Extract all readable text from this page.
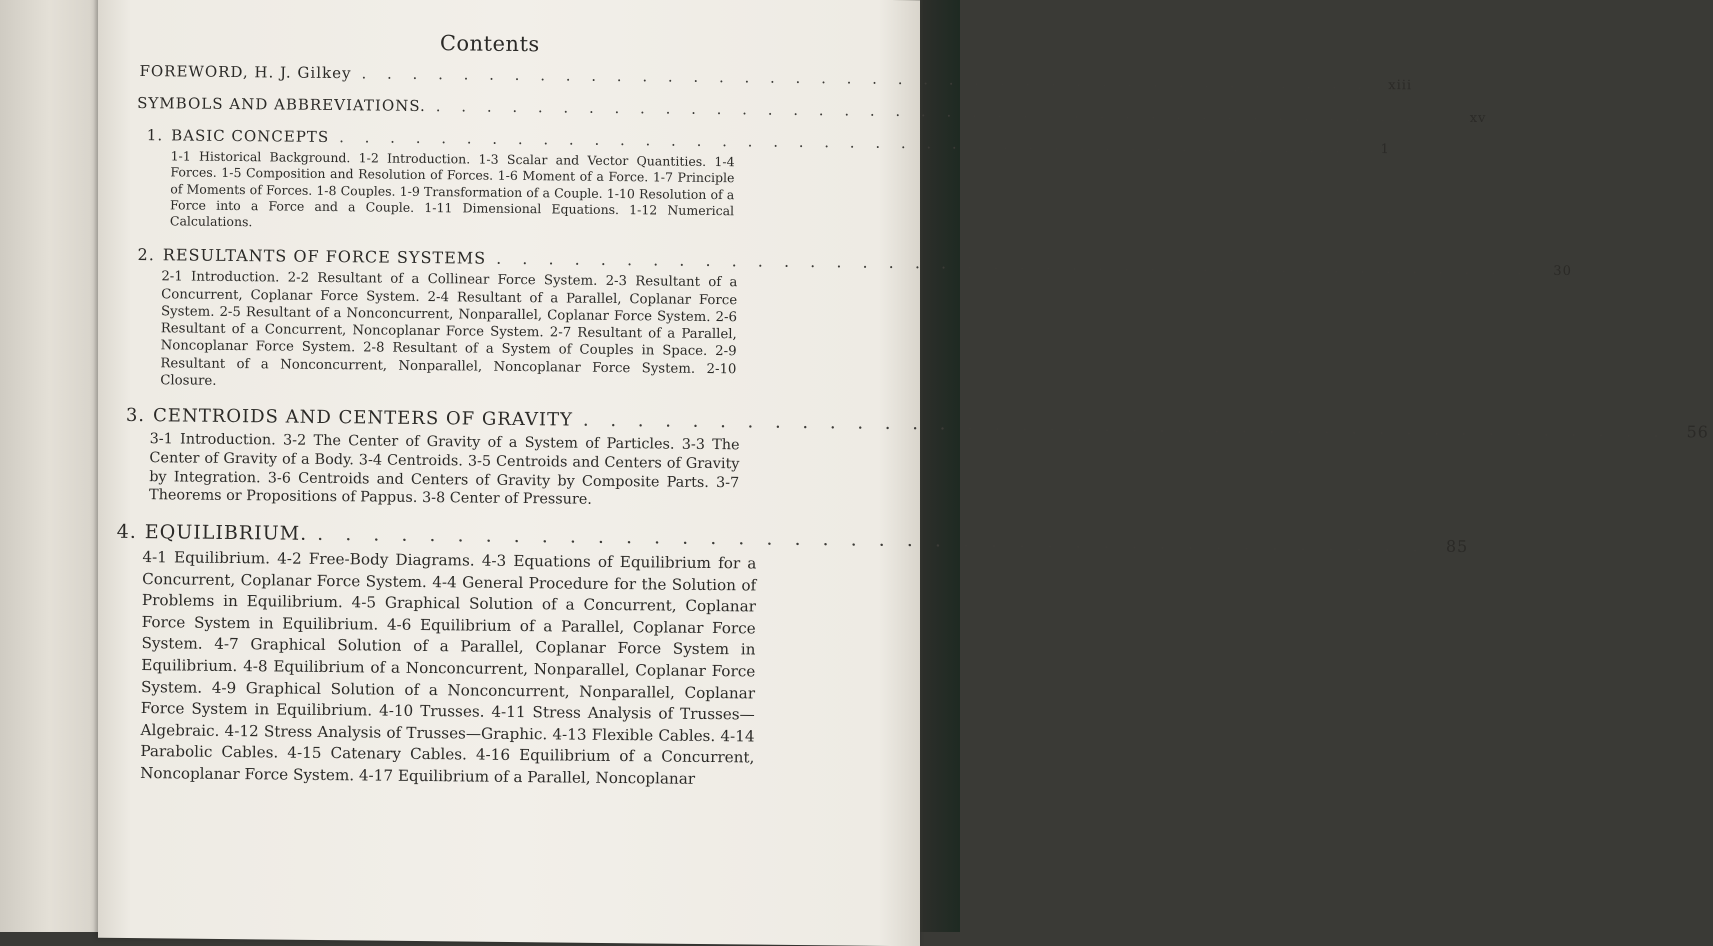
Contents
FOREWORD, H. J. Gilkey . . . . . . . . . . . . . . . . . . . . . . . . . . . . . . . . . . . . . . . .	xiii
SYMBOLS AND ABBREVIATIONS. . . . . . . . . . . . . . . . . . . . . . . . . . . . . . . . . . . . . . . . .	xv
1. BASIC CONCEPTS . . . . . . . . . . . . . . . . . . . . . . . . . . . . . . . . . . . . . . . .	1
1-1 Historical Background. 1-2 Introduction. 1-3 Scalar and Vector Quantities. 1-4 Forces. 1-5 Composition and Resolution of Forces. 1-6 Moment of a Force. 1-7 Principle of Moments of Forces. 1-8 Couples. 1-9 Transformation of a Couple. 1-10 Resolution of a Force into a Force and a Couple. 1-11 Dimensional Equations. 1-12 Numerical Calculations.
2. RESULTANTS OF FORCE SYSTEMS . . . . . . . . . . . . . . . . . . . . . . . . . . . . . . . . . . . . . . . .	30
2-1 Introduction. 2-2 Resultant of a Collinear Force System. 2-3 Resultant of a Concurrent, Coplanar Force System. 2-4 Resultant of a Parallel, Coplanar Force System. 2-5 Resultant of a Nonconcurrent, Nonparallel, Coplanar Force System. 2-6 Resultant of a Concurrent, Noncoplanar Force System. 2-7 Resultant of a Parallel, Noncoplanar Force System. 2-8 Resultant of a System of Couples in Space. 2-9 Resultant of a Nonconcurrent, Nonparallel, Noncoplanar Force System. 2-10 Closure.
3. CENTROIDS AND CENTERS OF GRAVITY . . . . . . . . . . . . . . . . . . . . . . . . . . . . . . . . . . . . . . . .	56
3-1 Introduction. 3-2 The Center of Gravity of a System of Particles. 3-3 The Center of Gravity of a Body. 3-4 Centroids. 3-5 Centroids and Centers of Gravity by Integration. 3-6 Centroids and Centers of Gravity by Composite Parts. 3-7 Theorems or Propositions of Pappus. 3-8 Center of Pressure.
4. EQUILIBRIUM. . . . . . . . . . . . . . . . . . . . . . . . . . . . . . . . . . . . . . . . .	85
4-1 Equilibrium. 4-2 Free-Body Diagrams. 4-3 Equations of Equilibrium for a Concurrent, Coplanar Force System. 4-4 General Procedure for the Solution of Problems in Equilibrium. 4-5 Graphical Solution of a Concurrent, Coplanar Force System in Equilibrium. 4-6 Equilibrium of a Parallel, Coplanar Force System. 4-7 Graphical Solution of a Parallel, Coplanar Force System in Equilibrium. 4-8 Equilibrium of a Nonconcurrent, Nonparallel, Coplanar Force System. 4-9 Graphical Solution of a Nonconcurrent, Nonparallel, Coplanar Force System in Equilibrium. 4-10 Trusses. 4-11 Stress Analysis of Trusses—Algebraic. 4-12 Stress Analysis of Trusses—Graphic. 4-13 Flexible Cables. 4-14 Parabolic Cables. 4-15 Catenary Cables. 4-16 Equilibrium of a Concurrent, Noncoplanar Force System. 4-17 Equilibrium of a Parallel, Noncoplanar
